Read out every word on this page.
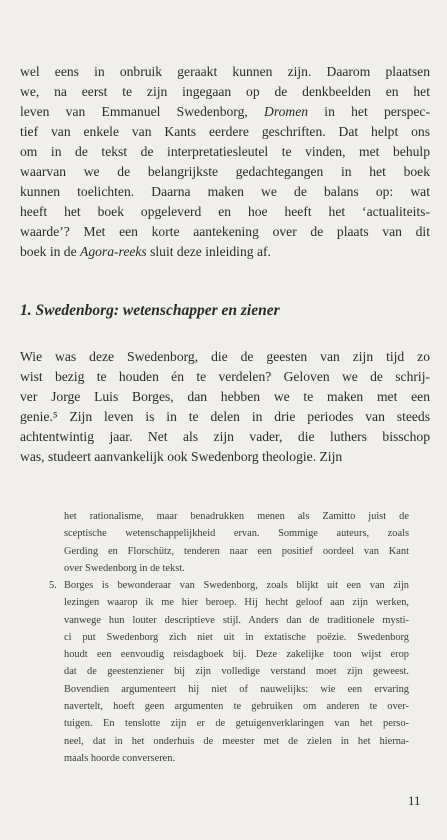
wel eens in onbruik geraakt kunnen zijn. Daarom plaatsen
we, na eerst te zijn ingegaan op de denkbeelden en het
leven van Emmanuel Swedenborg, Dromen in het perspec-
tief van enkele van Kants eerdere geschriften. Dat helpt ons
om in de tekst de interpretatiesleutel te vinden, met behulp
waarvan we de belangrijkste gedachtegangen in het boek
kunnen toelichten. Daarna maken we de balans op: wat
heeft het boek opgeleverd en hoe heeft het ‘actualiteits-
waarde’? Met een korte aantekening over de plaats van dit
boek in de Agora-reeks sluit deze inleiding af.

1. Swedenborg: wetenschapper en ziener

Wie was deze Swedenborg, die de geesten van zijn tijd zo
wist bezig te houden én te verdelen? Geloven we de schrij-
ver Jorge Luis Borges, dan hebben we te maken met een
genie.⁵ Zijn leven is in te delen in drie periodes van steeds
achtentwintig jaar. Net als zijn vader, die luthers bisschop
was, studeert aanvankelijk ook Swedenborg theologie. Zijn

het rationalisme, maar benadrukken menen als Zamitto juist de
sceptische wetenschappelijkheid ervan. Sommige auteurs, zoals
Gerding en Florschütz, tenderen naar een positief oordeel van Kant
over Swedenborg in de tekst.
5. Borges is bewonderaar van Swedenborg, zoals blijkt uit een van zijn
lezingen waarop ik me hier beroep. Hij hecht geloof aan zijn werken,
vanwege hun louter descriptieve stijl. Anders dan de traditionele mysti-
ci put Swedenborg zich niet uit in extatische poëzie. Swedenborg
houdt een eenvoudig reisdagboek bij. Deze zakelijke toon wijst erop
dat de geestenziener bij zijn volledige verstand moet zijn geweest.
Bovendien argumenteert hij niet of nauwelijks: wie een ervaring
navertelt, hoeft geen argumenten te gebruiken om anderen te over-
tuigen. En tenslotte zijn er de getuigenverklaringen van het perso-
neel, dat in het onderhuis de meester met de zielen in het hierna-
maals hoorde converseren.
11
